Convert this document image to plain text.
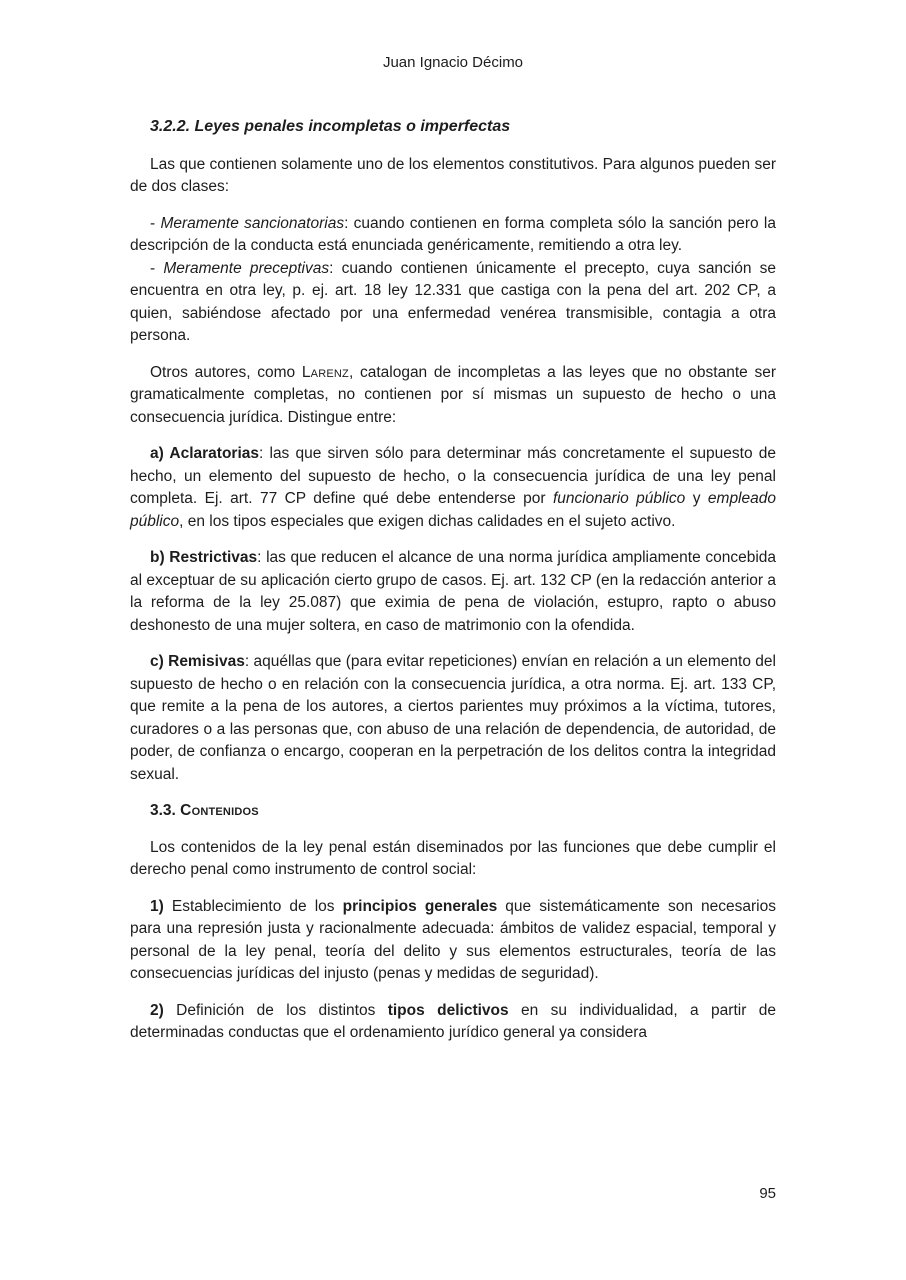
Juan Ignacio Décimo
3.2.2. Leyes penales incompletas o imperfectas

Las que contienen solamente uno de los elementos constitutivos. Para algunos pueden ser de dos clases:

- Meramente sancionatorias: cuando contienen en forma completa sólo la sanción pero la descripción de la conducta está enunciada genéricamente, remitiendo a otra ley.

- Meramente preceptivas: cuando contienen únicamente el precepto, cuya sanción se encuentra en otra ley, p. ej. art. 18 ley 12.331 que castiga con la pena del art. 202 CP, a quien, sabiéndose afectado por una enfermedad venérea transmisible, contagia a otra persona.

Otros autores, como Larenz, catalogan de incompletas a las leyes que no obstante ser gramaticalmente completas, no contienen por sí mismas un supuesto de hecho o una consecuencia jurídica. Distingue entre:

a) Aclaratorias: las que sirven sólo para determinar más concretamente el supuesto de hecho, un elemento del supuesto de hecho, o la consecuencia jurídica de una ley penal completa. Ej. art. 77 CP define qué debe entenderse por funcionario público y empleado público, en los tipos especiales que exigen dichas calidades en el sujeto activo.

b) Restrictivas: las que reducen el alcance de una norma jurídica ampliamente concebida al exceptuar de su aplicación cierto grupo de casos. Ej. art. 132 CP (en la redacción anterior a la reforma de la ley 25.087) que eximia de pena de violación, estupro, rapto o abuso deshonesto de una mujer soltera, en caso de matrimonio con la ofendida.

c) Remisivas: aquéllas que (para evitar repeticiones) envían en relación a un elemento del supuesto de hecho o en relación con la consecuencia jurídica, a otra norma. Ej. art. 133 CP, que remite a la pena de los autores, a ciertos parientes muy próximos a la víctima, tutores, curadores o a las personas que, con abuso de una relación de dependencia, de autoridad, de poder, de confianza o encargo, cooperan en la perpetración de los delitos contra la integridad sexual.

3.3. Contenidos

Los contenidos de la ley penal están diseminados por las funciones que debe cumplir el derecho penal como instrumento de control social:

1) Establecimiento de los principios generales que sistemáticamente son necesarios para una represión justa y racionalmente adecuada: ámbitos de validez espacial, temporal y personal de la ley penal, teoría del delito y sus elementos estructurales, teoría de las consecuencias jurídicas del injusto (penas y medidas de seguridad).

2) Definición de los distintos tipos delictivos en su individualidad, a partir de determinadas conductas que el ordenamiento jurídico general ya considera

95
